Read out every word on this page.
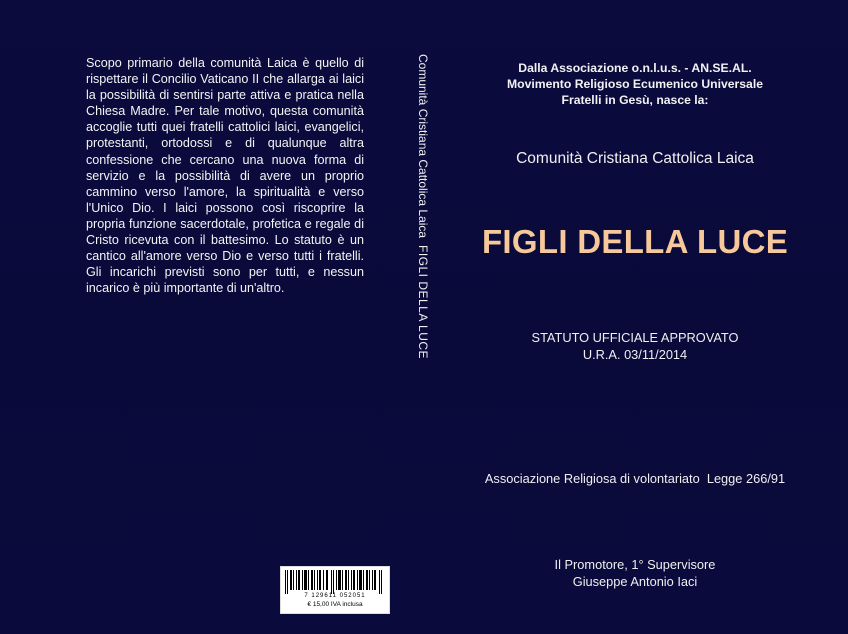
Scopo primario della comunità Laica è quello di rispettare il Concilio Vaticano II che allarga ai laici la possibilità di sentirsi parte attiva e pratica nella Chiesa Madre. Per tale motivo, questa comunità accoglie tutti quei fratelli cattolici laici, evangelici, protestanti, ortodossi e di qualunque altra confessione che cercano una nuova forma di servizio e la possibilità di avere un proprio cammino verso l'amore, la spiritualità e verso l'Unico Dio. I laici possono così riscoprire la propria funzione sacerdotale, profetica e regale di Cristo ricevuta con il battesimo. Lo statuto è un cantico all'amore verso Dio e verso tutti i fratelli. Gli incarichi previsti sono per tutti, e nessun incarico è più importante di un'altro.
7 129611 052051
€ 15,00 IVA inclusa
Comunità Cristiana Cattolica Laica
FIGLI DELLA LUCE
Dalla Associazione o.n.l.u.s. - AN.SE.AL.
Movimento Religioso Ecumenico Universale
Fratelli in Gesù, nasce la:
Comunità Cristiana Cattolica Laica
FIGLI DELLA LUCE
STATUTO UFFICIALE APPROVATO
U.R.A. 03/11/2014
Associazione Religiosa di volontariato  Legge 266/91
Il Promotore, 1° Supervisore
Giuseppe Antonio Iaci
